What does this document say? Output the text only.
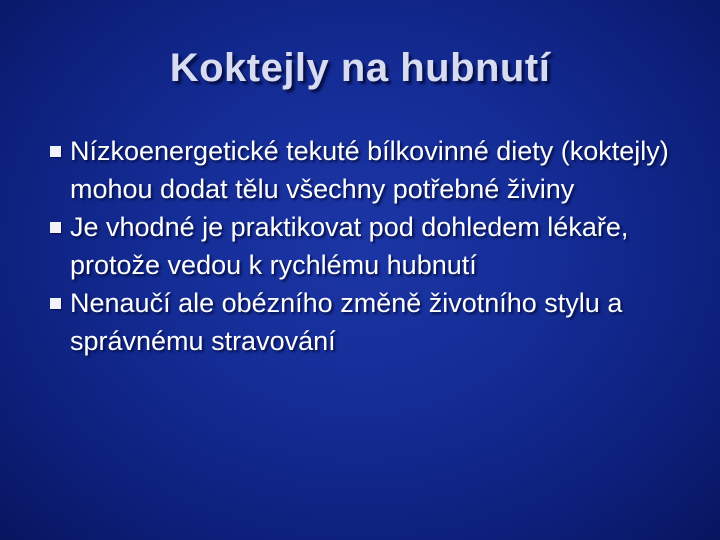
Koktejly na hubnutí
Nízkoenergetické tekuté bílkovinné diety (koktejly) mohou dodat tělu všechny potřebné živiny
Je vhodné je praktikovat pod dohledem lékaře, protože vedou k rychlému hubnutí
Nenaučí ale obézního změně životního stylu a správnému stravování
